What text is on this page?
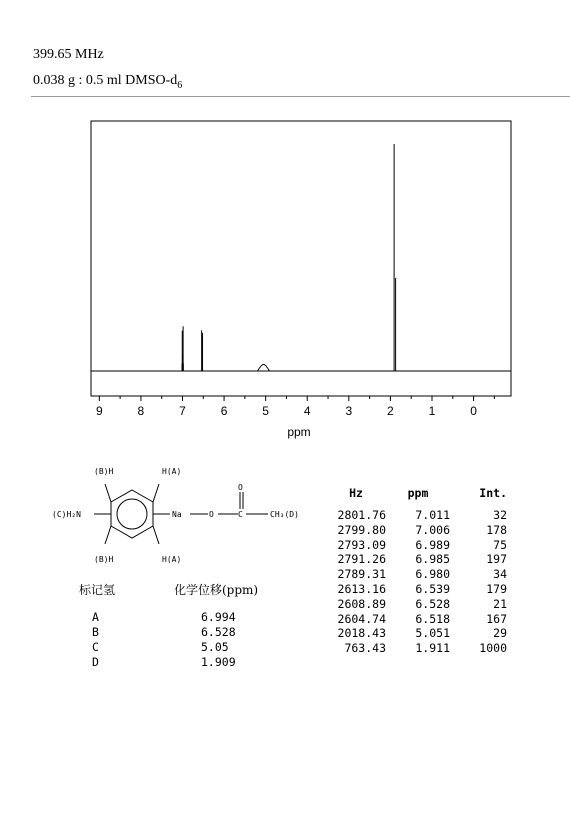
399.65 MHz
0.038 g : 0.5 ml DMSO-$d_6$
9	8	7	6	5	4	3	2	1	0
ppm
(B)H	H(A)
(C)H₂N	Na	O
O
C	CH₃(D)
(B)H	H(A)
标记氢	化学位移(ppm)
A	6.994
B	6.528
C	5.05
D	1.909
Hz	ppm	Int.
2801.76	7.011	32
2799.80	7.006	178
2793.09	6.989	75
2791.26	6.985	197
2789.31	6.980	34
2613.16	6.539	179
2608.89	6.528	21
2604.74	6.518	167
2018.43	5.051	29
763.43	1.911	1000
